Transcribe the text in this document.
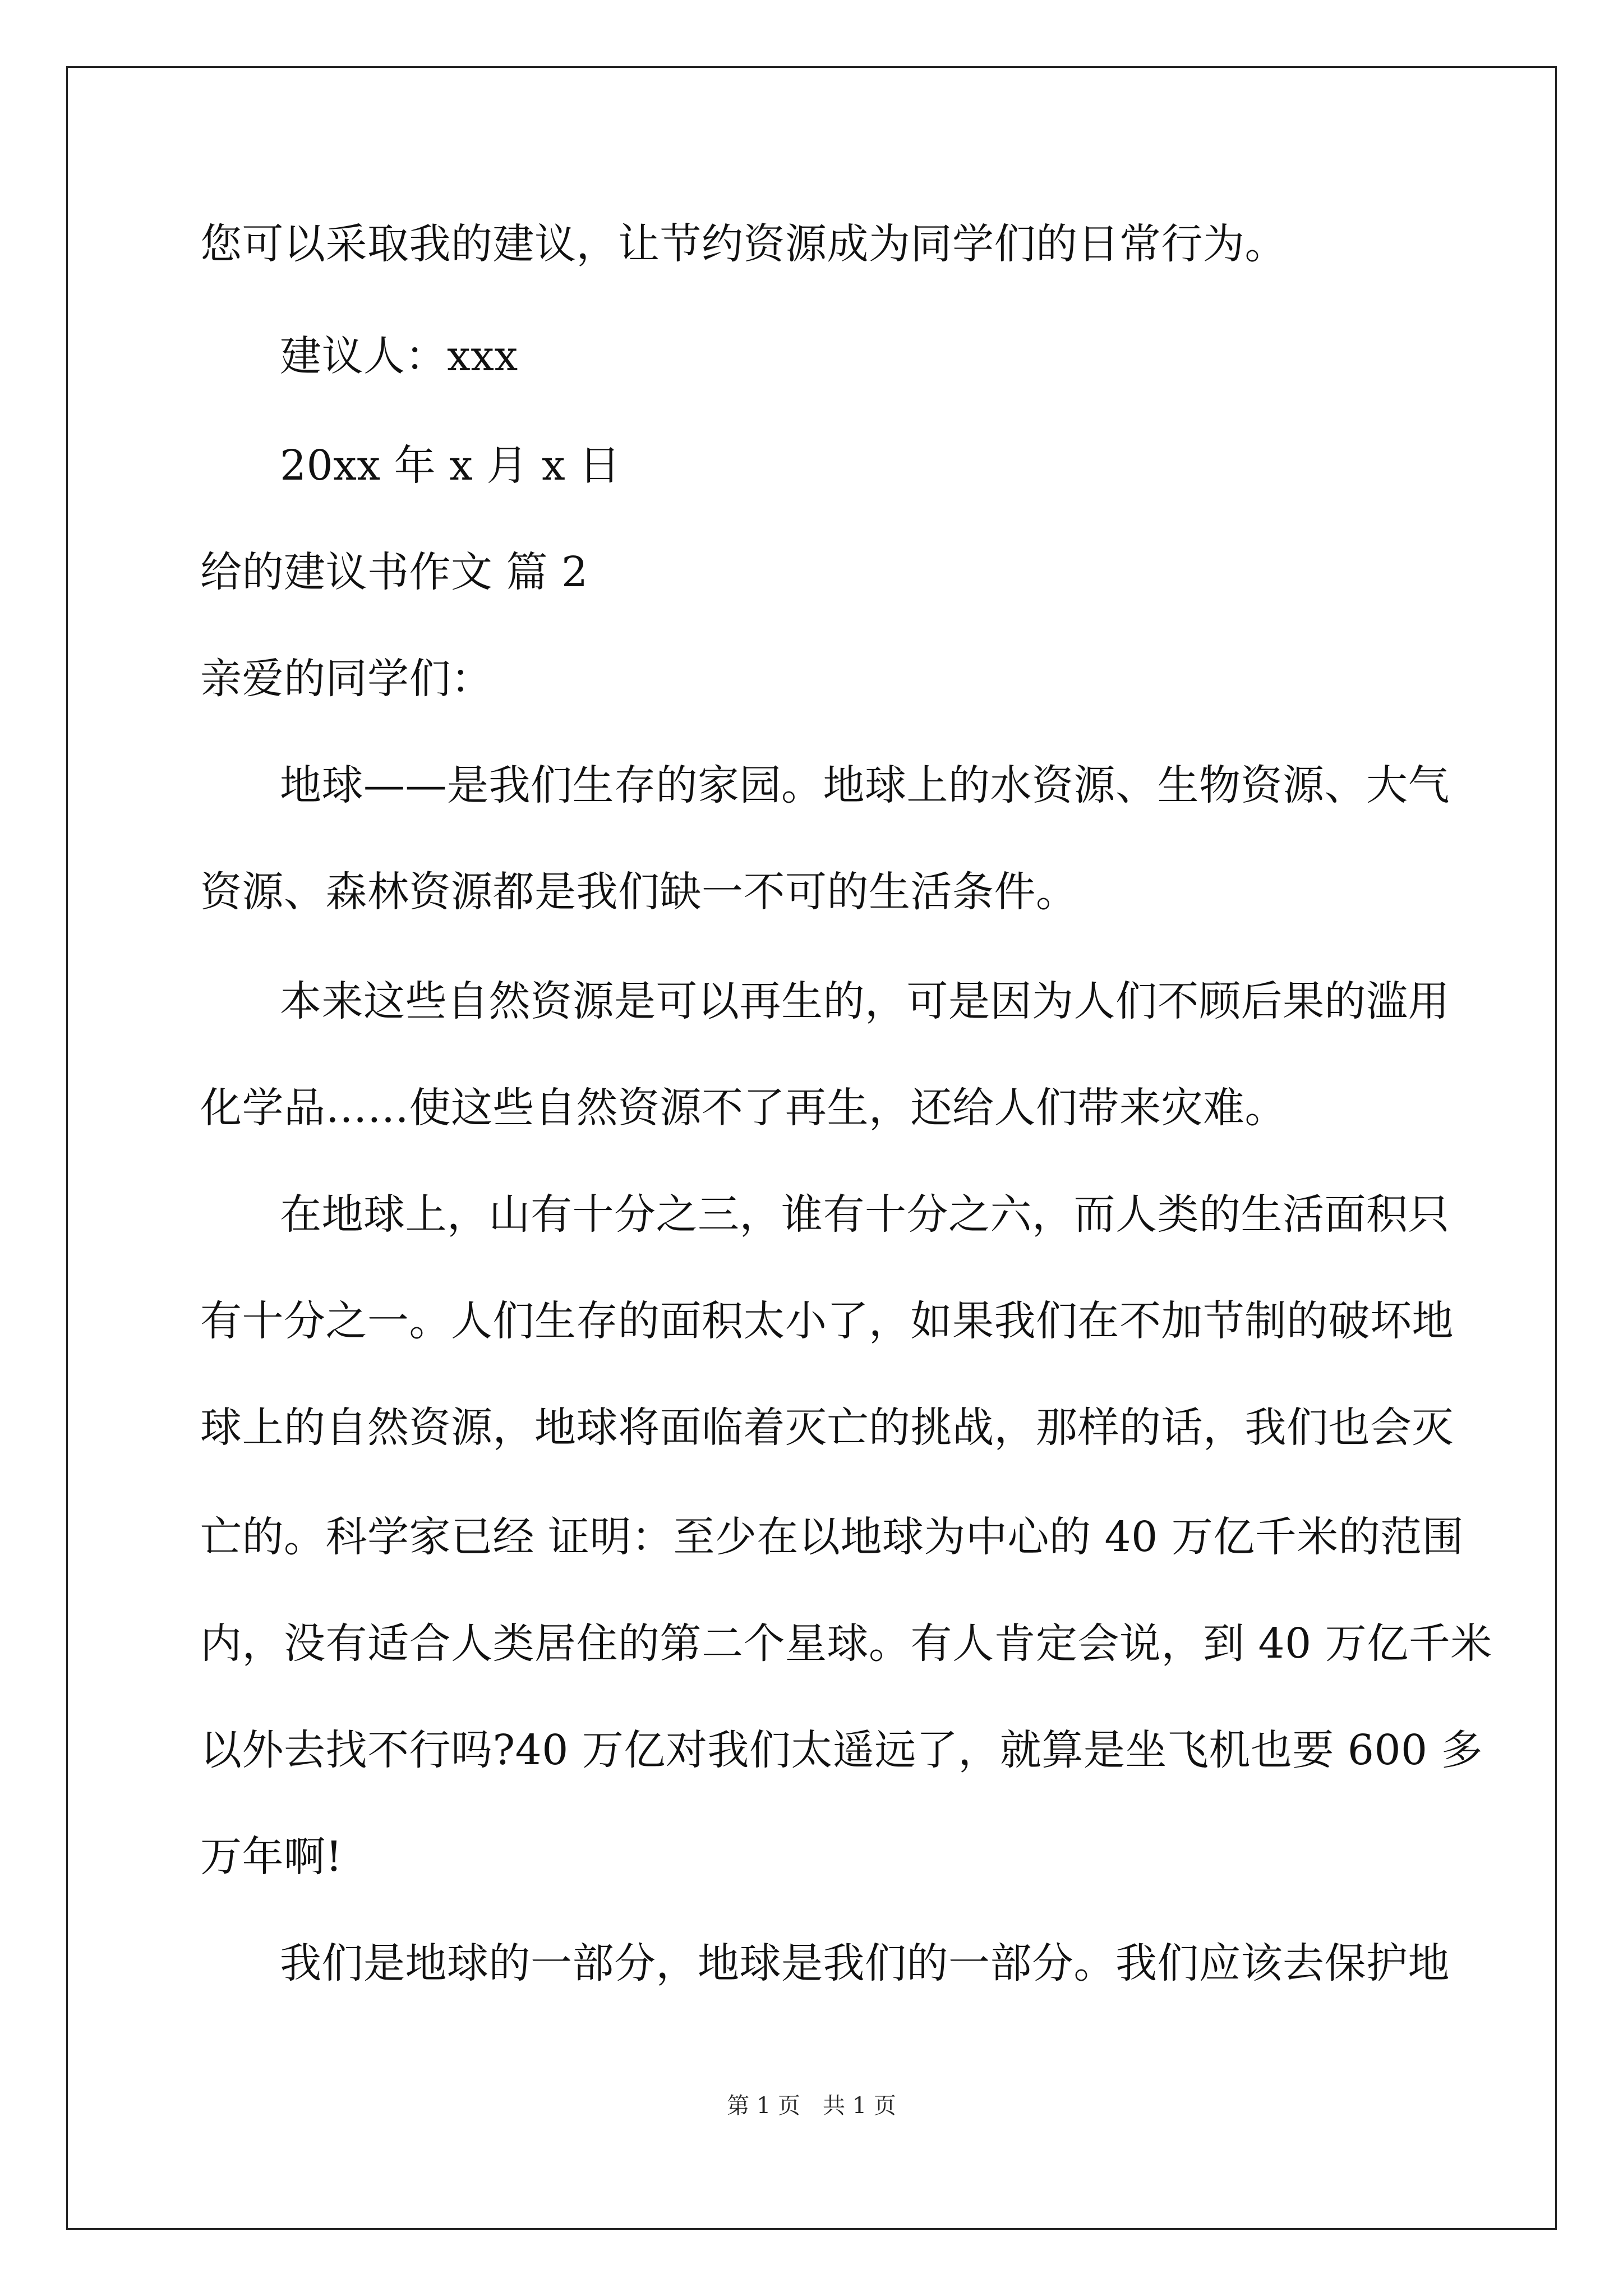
您可以采取我的建议，让节约资源成为同学们的日常行为。
建议人：xxx
20xx 年 x 月 x 日
给的建议书作文 篇 2
亲爱的同学们：
地球——是我们生存的家园。地球上的水资源、生物资源、大气
资源、森林资源都是我们缺一不可的生活条件。
本来这些自然资源是可以再生的，可是因为人们不顾后果的滥用
化学品……使这些自然资源不了再生，还给人们带来灾难。
在地球上，山有十分之三，谁有十分之六，而人类的生活面积只
有十分之一。人们生存的面积太小了，如果我们在不加节制的破坏地
球上的自然资源，地球将面临着灭亡的挑战，那样的话，我们也会灭
亡的。科学家已经 证明：至少在以地球为中心的 40 万亿千米的范围
内，没有适合人类居住的第二个星球。有人肯定会说，到 40 万亿千米
以外去找不行吗?40 万亿对我们太遥远了，就算是坐飞机也要 600 多
万年啊!
我们是地球的一部分，地球是我们的一部分。我们应该去保护地
第 1 页 共 1 页
